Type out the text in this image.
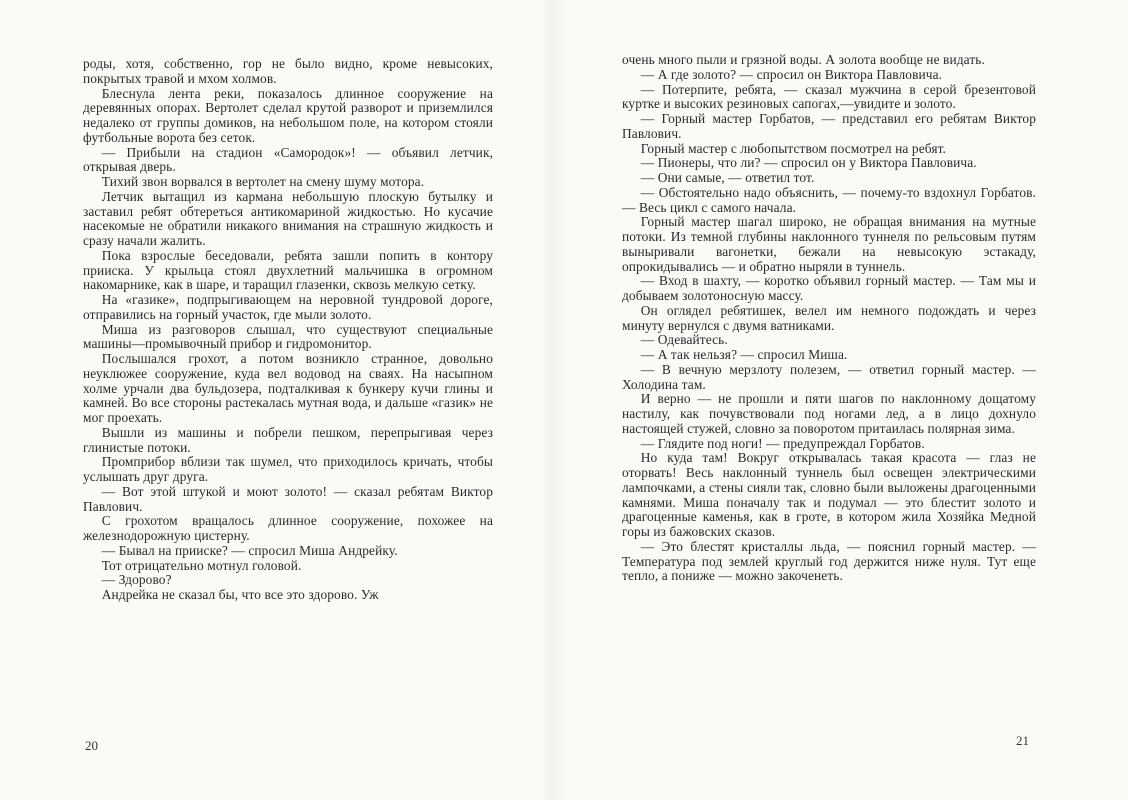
роды, хотя, собственно, гор не было видно, кроме невысоких, покрытых травой и мхом холмов.

Блеснула лента реки, показалось длинное сооружение на деревянных опорах. Вертолет сделал крутой разворот и приземлился недалеко от группы домиков, на небольшом поле, на котором стояли футбольные ворота без сеток.

— Прибыли на стадион «Самородок»! — объявил летчик, открывая дверь.

Тихий звон ворвался в вертолет на смену шуму мотора.

Летчик вытащил из кармана небольшую плоскую бутылку и заставил ребят обтереться антикомариной жидкостью. Но кусачие насекомые не обратили никакого внимания на страшную жидкость и сразу начали жалить.

Пока взрослые беседовали, ребята зашли попить в контору прииска. У крыльца стоял двухлетний мальчишка в огромном накомарнике, как в шаре, и таращил глазенки, сквозь мелкую сетку.

На «газике», подпрыгивающем на неровной тундровой дороге, отправились на горный участок, где мыли золото.

Миша из разговоров слышал, что существуют специальные машины—промывочный прибор и гидромонитор.

Послышался грохот, а потом возникло странное, довольно неуклюжее сооружение, куда вел водовод на сваях. На насыпном холме урчали два бульдозера, подталкивая к бункеру кучи глины и камней. Во все стороны растекалась мутная вода, и дальше «газик» не мог проехать.

Вышли из машины и побрели пешком, перепрыгивая через глинистые потоки.

Промприбор вблизи так шумел, что приходилось кричать, чтобы услышать друг друга.

— Вот этой штукой и моют золото! — сказал ребятам Виктор Павлович.

С грохотом вращалось длинное сооружение, похожее на железнодорожную цистерну.

— Бывал на прииске? — спросил Миша Андрейку.

Тот отрицательно мотнул головой.

— Здорово?

Андрейка не сказал бы, что все это здорово. Уж

20

очень много пыли и грязной воды. А золота вообще не видать.

— А где золото? — спросил он Виктора Павловича.

— Потерпите, ребята, — сказал мужчина в серой брезентовой куртке и высоких резиновых сапогах,—увидите и золото.

— Горный мастер Горбатов, — представил его ребятам Виктор Павлович.

Горный мастер с любопытством посмотрел на ребят.

— Пионеры, что ли? — спросил он у Виктора Павловича.

— Они самые, — ответил тот.

— Обстоятельно надо объяснить, — почему-то вздохнул Горбатов. — Весь цикл с самого начала.

Горный мастер шагал широко, не обращая внимания на мутные потоки. Из темной глубины наклонного туннеля по рельсовым путям выныривали вагонетки, бежали на невысокую эстакаду, опрокидывались — и обратно ныряли в туннель.

— Вход в шахту, — коротко объявил горный мастер. — Там мы и добываем золотоносную массу.

Он оглядел ребятишек, велел им немного подождать и через минуту вернулся с двумя ватниками.

— Одевайтесь.

— А так нельзя? — спросил Миша.

— В вечную мерзлоту полезем, — ответил горный мастер. — Холодина там.

И верно — не прошли и пяти шагов по наклонному дощатому настилу, как почувствовали под ногами лед, а в лицо дохнуло настоящей стужей, словно за поворотом притаилась полярная зима.

— Глядите под ноги! — предупреждал Горбатов.

Но куда там! Вокруг открывалась такая красота — глаз не оторвать! Весь наклонный туннель был освещен электрическими лампочками, а стены сияли так, словно были выложены драгоценными камнями. Миша поначалу так и подумал — это блестит золото и драгоценные каменья, как в гроте, в котором жила Хозяйка Медной горы из бажовских сказов.

— Это блестят кристаллы льда, — пояснил горный мастер. — Температура под землей круглый год держится ниже нуля. Тут еще тепло, а пониже — можно закоченеть.

21
